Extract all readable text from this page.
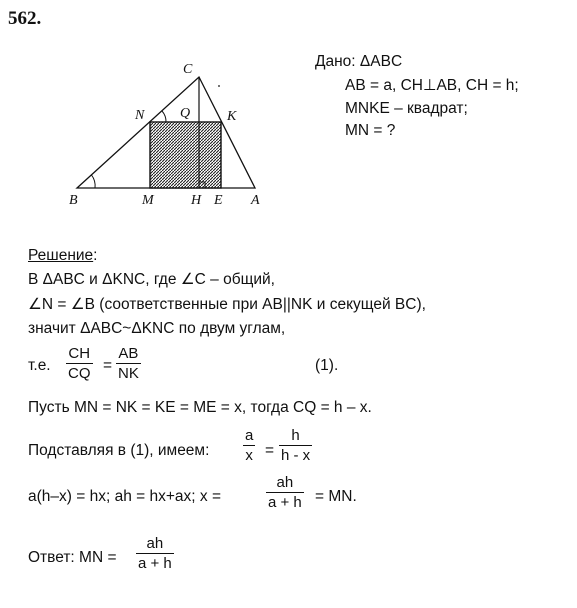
562.
C
N	Q	K
B	M	H E A
Дано: ΔABC
AB = a, CH⊥AB, CH = h;
MNKE – квадрат;
MN = ?
Решение:
В ΔABC и ΔKNC, где ∠C – общий,
∠N = ∠B (соответственные при AB||NK и секущей BC),
значит ΔABC~ΔKNC по двум углам,
т.е. $\frac{CH}{CQ} = \frac{AB}{NK}$	(1).
Пусть MN = NK = KE = ME = x, тогда CQ = h – x.
Подставляя в (1), имеем: $\frac{a}{x} = \frac{h}{h - x}$
a(h–x) = hx; ah = hx+ax; x =	$\frac{ah}{a + h}$ = MN.
Ответ: MN = $\frac{ah}{a + h}$
